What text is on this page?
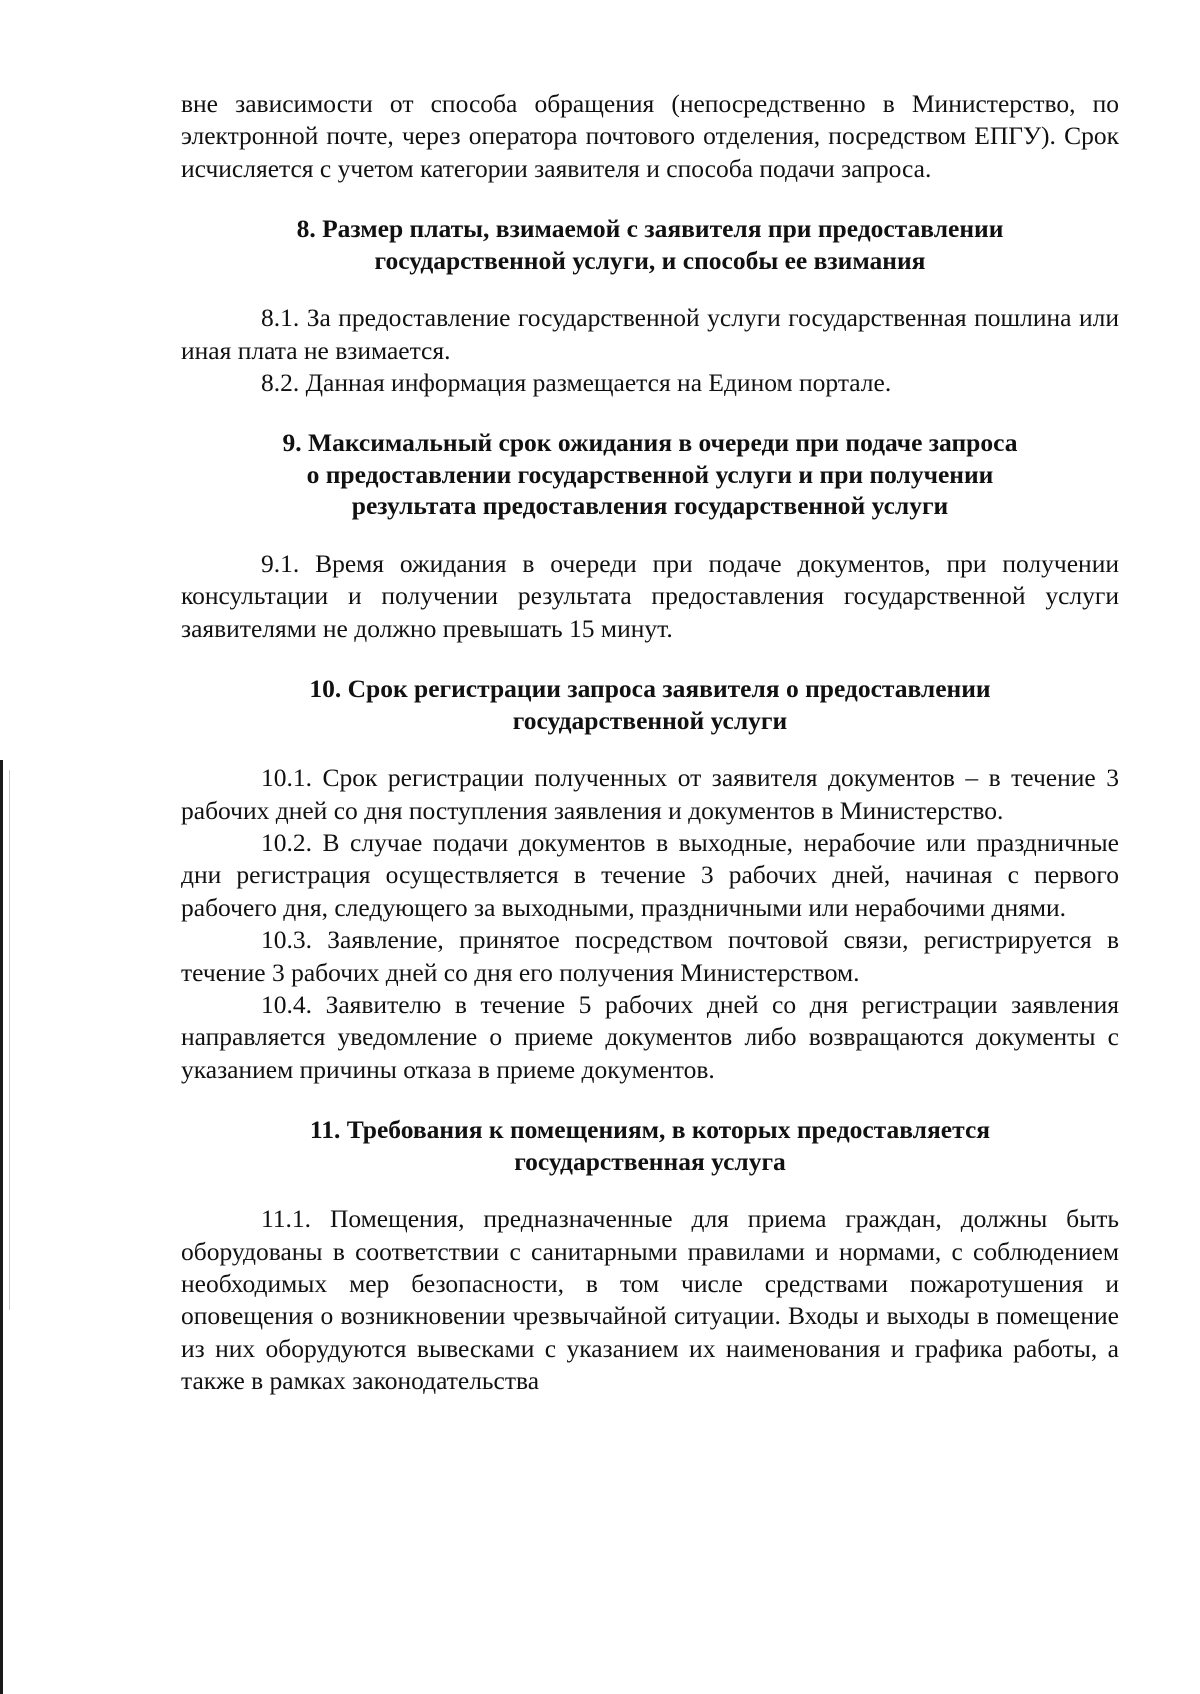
вне зависимости от способа обращения (непосредственно в Министерство, по электронной почте, через оператора почтового отделения, посредством ЕПГУ). Срок исчисляется с учетом категории заявителя и способа подачи запроса.

8. Размер платы, взимаемой с заявителя при предоставлении
государственной услуги, и способы ее взимания

8.1. За предоставление государственной услуги государственная пошлина или иная плата не взимается.

8.2. Данная информация размещается на Едином портале.

9. Максимальный срок ожидания в очереди при подаче запроса
о предоставлении государственной услуги и при получении
результата предоставления государственной услуги

9.1. Время ожидания в очереди при подаче документов, при получении консультации и получении результата предоставления государственной услуги заявителями не должно превышать 15 минут.

10. Срок регистрации запроса заявителя о предоставлении
государственной услуги

10.1. Срок регистрации полученных от заявителя документов – в течение 3 рабочих дней со дня поступления заявления и документов в Министерство.

10.2. В случае подачи документов в выходные, нерабочие или праздничные дни регистрация осуществляется в течение 3 рабочих дней, начиная с первого рабочего дня, следующего за выходными, праздничными или нерабочими днями.

10.3. Заявление, принятое посредством почтовой связи, регистрируется в течение 3 рабочих дней со дня его получения Министерством.

10.4. Заявителю в течение 5 рабочих дней со дня регистрации заявления направляется уведомление о приеме документов либо возвращаются документы с указанием причины отказа в приеме документов.

11. Требования к помещениям, в которых предоставляется
государственная услуга

11.1. Помещения, предназначенные для приема граждан, должны быть оборудованы в соответствии с санитарными правилами и нормами, с соблюдением необходимых мер безопасности, в том числе средствами пожаротушения и оповещения о возникновении чрезвычайной ситуации. Входы и выходы в помещение из них оборудуются вывесками с указанием их наименования и графика работы, а также в рамках законодательства
